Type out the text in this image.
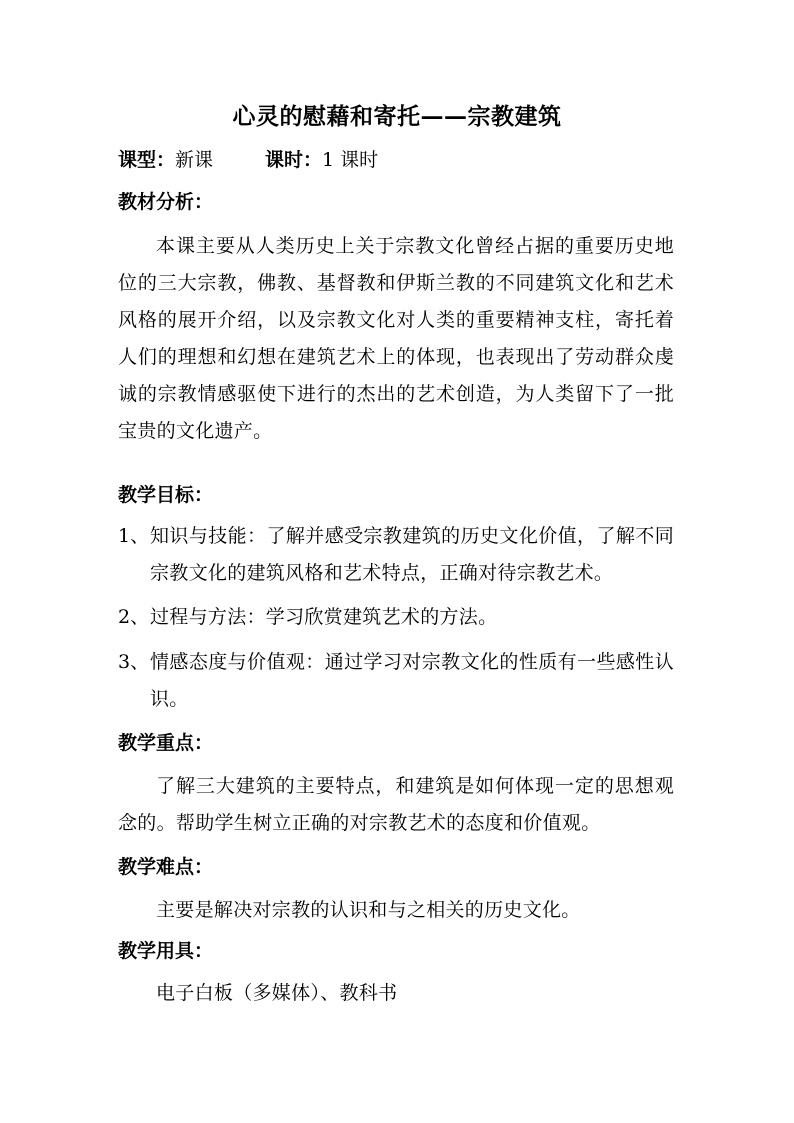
心灵的慰藉和寄托——宗教建筑
课型：新课	课时：1 课时
教材分析：
本课主要从人类历史上关于宗教文化曾经占据的重要历史地位的三大宗教，佛教、基督教和伊斯兰教的不同建筑文化和艺术风格的展开介绍，以及宗教文化对人类的重要精神支柱，寄托着人们的理想和幻想在建筑艺术上的体现，也表现出了劳动群众虔诚的宗教情感驱使下进行的杰出的艺术创造，为人类留下了一批宝贵的文化遗产。
教学目标：
1、 知识与技能：了解并感受宗教建筑的历史文化价值，了解不同宗教文化的建筑风格和艺术特点，正确对待宗教艺术。
2、 过程与方法：学习欣赏建筑艺术的方法。
3、 情感态度与价值观：通过学习对宗教文化的性质有一些感性认识。
教学重点：
了解三大建筑的主要特点，和建筑是如何体现一定的思想观念的。帮助学生树立正确的对宗教艺术的态度和价值观。
教学难点：
主要是解决对宗教的认识和与之相关的历史文化。
教学用具：
电子白板（多媒体）、教科书
